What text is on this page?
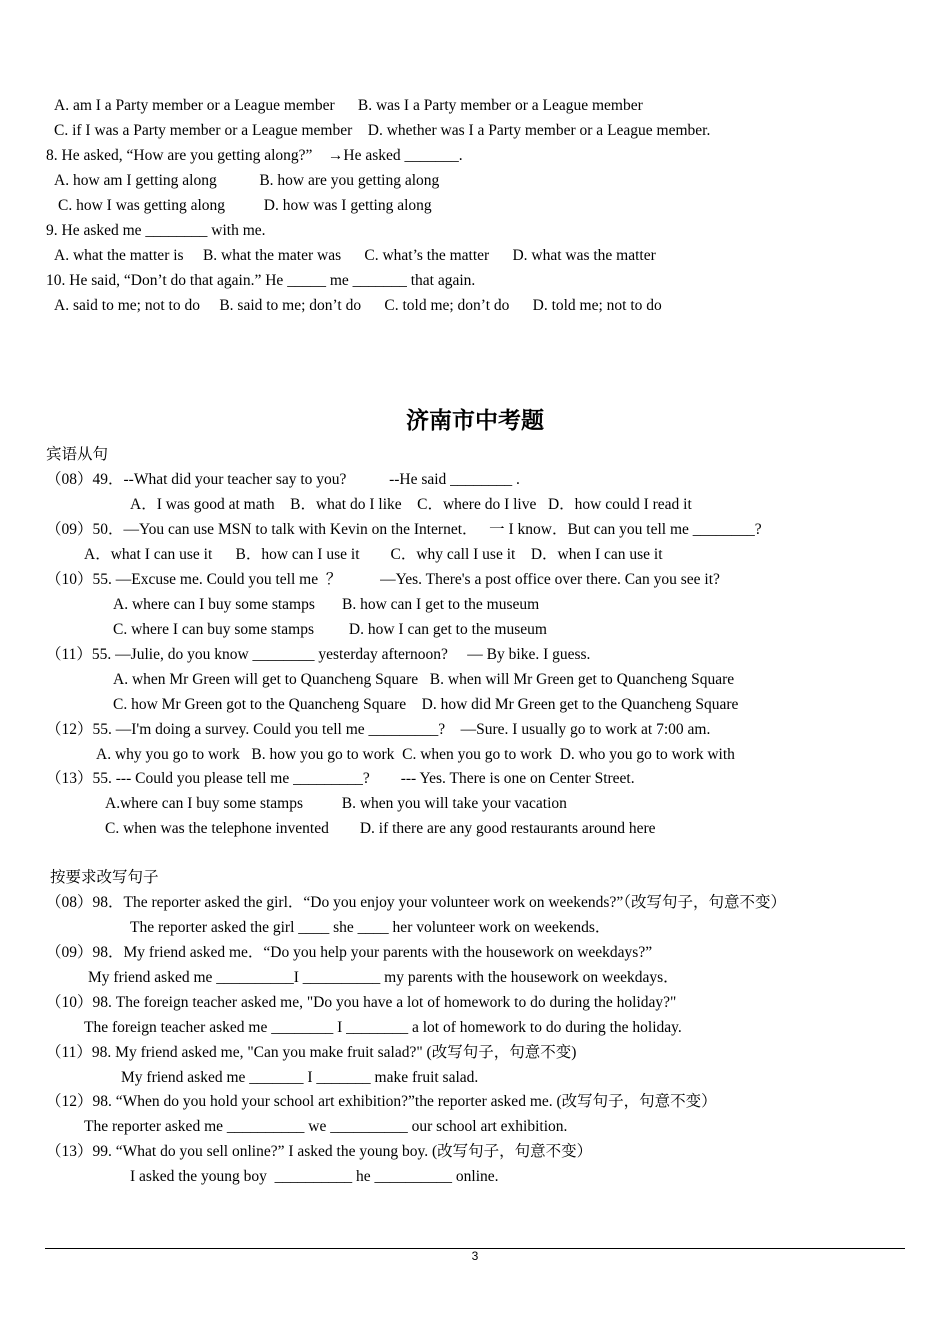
A. am I a Party member or a League member      B. was I a Party member or a League member
C. if I was a Party member or a League member    D. whether was I a Party member or a League member.
8. He asked, “How are you getting along?”    →He asked _______.
A. how am I getting along           B. how are you getting along
C. how I was getting along          D. how was I getting along
9. He asked me ________ with me.
A. what the matter is     B. what the mater was      C. what’s the matter      D. what was the matter
10. He said, “Don’t do that again.” He _____ me _______ that again.
A. said to me; not to do     B. said to me; don’t do      C. told me; don’t do      D. told me; not to do
济南市中考题
宾语从句
（08）49．--What did your teacher say to you?           --He said ________ .
A．I was good at math    B．what do I like    C．where do I live   D．how could I read it
（09）50．—You can use MSN to talk with Kevin on the Internet．   一 I know．But can you tell me ________?
A．what I can use it      B．how can I use it        C．why call I use it    D．when I can use it
（10）55. —Excuse me. Could you tell me  ？          —Yes. There's a post office over there. Can you see it?
A. where can I buy some stamps       B. how can I get to the museum
C. where I can buy some stamps         D. how I can get to the museum
（11）55. —Julie, do you know ________ yesterday afternoon?     — By bike. I guess.
A. when Mr Green will get to Quancheng Square   B. when will Mr Green get to Quancheng Square
C. how Mr Green got to the Quancheng Square    D. how did Mr Green get to the Quancheng Square
（12）55. —I'm doing a survey. Could you tell me _________?    —Sure. I usually go to work at 7:00 am.
A. why you go to work   B. how you go to work  C. when you go to work  D. who you go to work with
（13）55. --- Could you please tell me _________?        --- Yes. There is one on Center Street.
A.where can I buy some stamps          B. when you will take your vacation
C. when was the telephone invented        D. if there are any good restaurants around here
按要求改写句子
（08）98．The reporter asked the girl．“Do you enjoy your volunteer work on weekends?”（改写句子，句意不变）
The reporter asked the girl ____ she ____ her volunteer work on weekends．
（09）98．My friend asked me．“Do you help your parents with the housework on weekdays?”
My friend asked me __________I __________ my parents with the housework on weekdays．
（10）98. The foreign teacher asked me, "Do you have a lot of homework to do during the holiday?"
The foreign teacher asked me ________ I ________ a lot of homework to do during the holiday.
（11）98. My friend asked me, "Can you make fruit salad?" (改写句子，句意不变)
My friend asked me _______ I _______ make fruit salad.
（12）98. “When do you hold your school art exhibition?”the reporter asked me. (改写句子，句意不变）
The reporter asked me __________ we __________ our school art exhibition.
（13）99. “What do you sell online?” I asked the young boy. (改写句子，句意不变）
I asked the young boy  __________ he __________ online.
3
